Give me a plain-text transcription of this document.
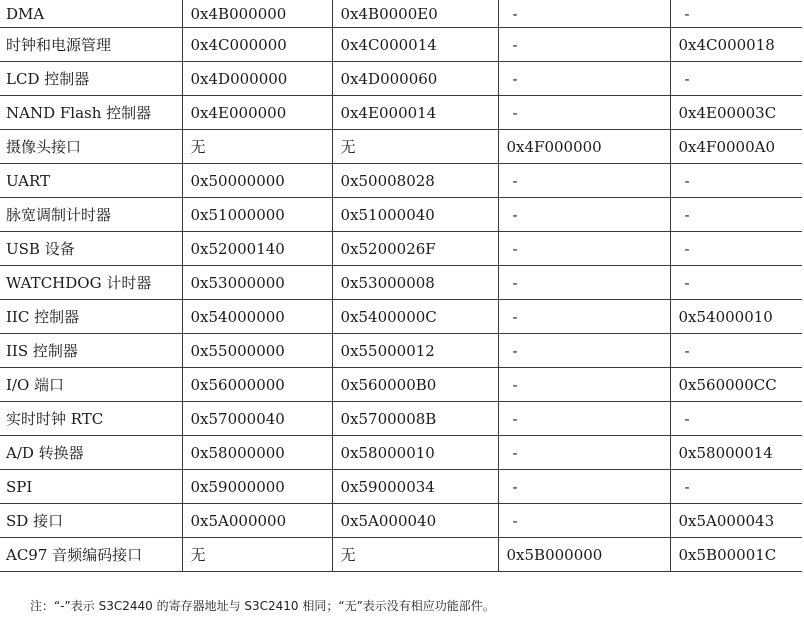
DMA	0x4B000000	0x4B0000E0	-	-
时钟和电源管理	0x4C000000	0x4C000014	-	0x4C000018
LCD 控制器	0x4D000000	0x4D000060	-	-
NAND Flash 控制器	0x4E000000	0x4E000014	-	0x4E00003C
摄像头接口	无	无	0x4F000000	0x4F0000A0
UART	0x50000000	0x50008028	-	-
脉宽调制计时器	0x51000000	0x51000040	-	-
USB 设备	0x52000140	0x5200026F	-	-
WATCHDOG 计时器	0x53000000	0x53000008	-	-
IIC 控制器	0x54000000	0x5400000C	-	0x54000010
IIS 控制器	0x55000000	0x55000012	-	-
I/O 端口	0x56000000	0x560000B0	-	0x560000CC
实时时钟 RTC	0x57000040	0x5700008B	-	-
A/D 转换器	0x58000000	0x58000010	-	0x58000014
SPI	0x59000000	0x59000034	-	-
SD 接口	0x5A000000	0x5A000040	-	0x5A000043
AC97 音频编码接口	无	无	0x5B000000	0x5B00001C
注：“-”表示 S3C2440 的寄存器地址与 S3C2410 相同；“无”表示没有相应功能部件。
